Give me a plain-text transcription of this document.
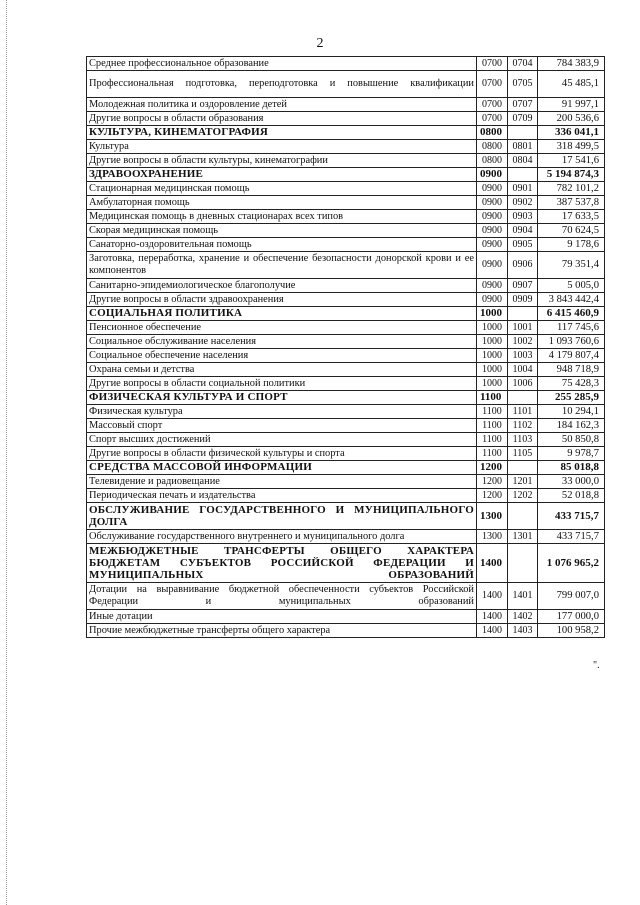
2
Среднее профессиональное образование	0700	0704	784 383,9
Профессиональная подготовка, переподготовка и повышение квалификации	0700	0705	45 485,1
Молодежная политика и оздоровление детей	0700	0707	91 997,1
Другие вопросы в области образования	0700	0709	200 536,6
КУЛЬТУРА, КИНЕМАТОГРАФИЯ	0800		336 041,1
Культура	0800	0801	318 499,5
Другие вопросы в области культуры, кинематографии	0800	0804	17 541,6
ЗДРАВООХРАНЕНИЕ	0900		5 194 874,3
Стационарная медицинская помощь	0900	0901	782 101,2
Амбулаторная помощь	0900	0902	387 537,8
Медицинская помощь в дневных стационарах всех типов	0900	0903	17 633,5
Скорая медицинская помощь	0900	0904	70 624,5
Санаторно-оздоровительная помощь	0900	0905	9 178,6
Заготовка, переработка, хранение и обеспечение безопасности донорской крови и ее компонентов	0900	0906	79 351,4
Санитарно-эпидемиологическое благополучие	0900	0907	5 005,0
Другие вопросы в области здравоохранения	0900	0909	3 843 442,4
СОЦИАЛЬНАЯ ПОЛИТИКА	1000		6 415 460,9
Пенсионное обеспечение	1000	1001	117 745,6
Социальное обслуживание населения	1000	1002	1 093 760,6
Социальное обеспечение населения	1000	1003	4 179 807,4
Охрана семьи и детства	1000	1004	948 718,9
Другие вопросы в области социальной политики	1000	1006	75 428,3
ФИЗИЧЕСКАЯ КУЛЬТУРА И СПОРТ	1100		255 285,9
Физическая культура	1100	1101	10 294,1
Массовый спорт	1100	1102	184 162,3
Спорт высших достижений	1100	1103	50 850,8
Другие вопросы в области физической культуры и спорта	1100	1105	9 978,7
СРЕДСТВА МАССОВОЙ ИНФОРМАЦИИ	1200		85 018,8
Телевидение и радиовещание	1200	1201	33 000,0
Периодическая печать и издательства	1200	1202	52 018,8
ОБСЛУЖИВАНИЕ ГОСУДАРСТВЕННОГО И МУНИЦИПАЛЬНОГО ДОЛГА	1300		433 715,7
Обслуживание государственного внутреннего и муниципального долга	1300	1301	433 715,7
МЕЖБЮДЖЕТНЫЕ ТРАНСФЕРТЫ ОБЩЕГО ХАРАКТЕРА БЮДЖЕТАМ СУБЪЕКТОВ РОССИЙСКОЙ ФЕДЕРАЦИИ И МУНИЦИПАЛЬНЫХ ОБРАЗОВАНИЙ	1400		1 076 965,2
Дотации на выравнивание бюджетной обеспеченности субъектов Российской Федерации и муниципальных образований	1400	1401	799 007,0
Иные дотации	1400	1402	177 000,0
Прочие межбюджетные трансферты общего характера	1400	1403	100 958,2
".
